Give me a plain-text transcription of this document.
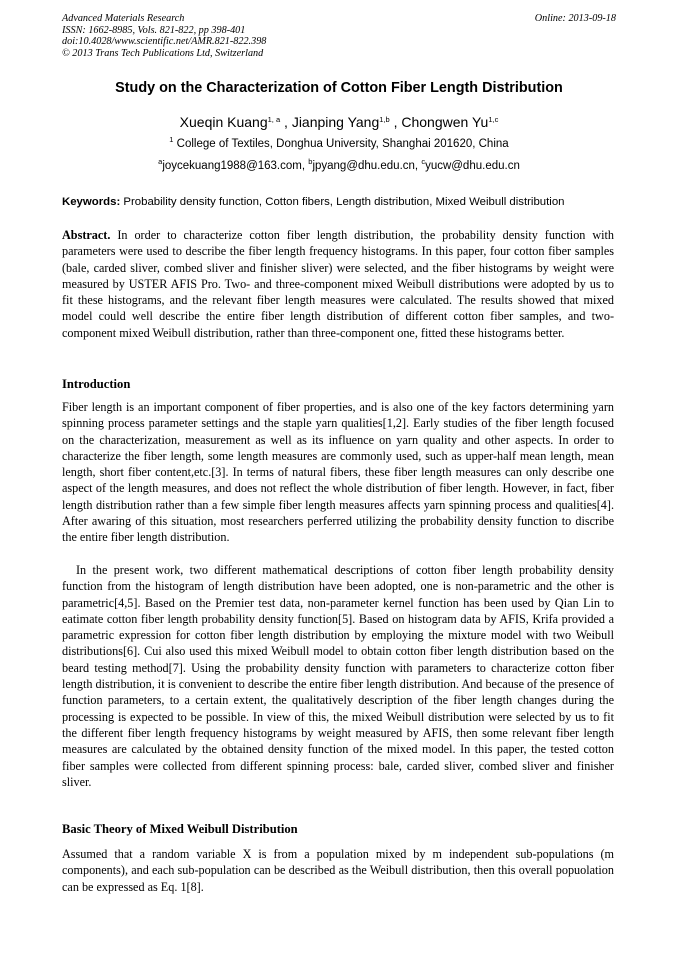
Advanced Materials Research
ISSN: 1662-8985, Vols. 821-822, pp 398-401
doi:10.4028/www.scientific.net/AMR.821-822.398
© 2013 Trans Tech Publications Ltd, Switzerland
Online: 2013-09-18
Study on the Characterization of Cotton Fiber Length Distribution
Xueqin Kuang$^{1, a}$ , Jianping Yang$^{1,b}$ , Chongwen Yu$^{1,c}$
$^1$ College of Textiles, Donghua University, Shanghai 201620, China
$^a$joycekuang1988@163.com, $^b$jpyang@dhu.edu.cn, $^c$yucw@dhu.edu.cn
Keywords: Probability density function, Cotton fibers, Length distribution, Mixed Weibull distribution

Abstract. In order to characterize cotton fiber length distribution, the probability density function with parameters were used to describe the fiber length frequency histograms. In this paper, four cotton fiber samples (bale, carded sliver, combed sliver and finisher sliver) were selected, and the fiber histograms by weight were measured by USTER AFIS Pro. Two- and three-component mixed Weibull distributions were adopted by us to fit these histograms, and the relevant fiber length measures were calculated. The results showed that mixed model could well describe the entire fiber length distribution of different cotton fiber samples, and two-component mixed Weibull distribution, rather than three-component one, fitted these histograms better.

Introduction

Fiber length is an important component of fiber properties, and is also one of the key factors determining yarn spinning process parameter settings and the staple yarn qualities[1,2]. Early studies of the fiber length focused on the characterization, measurement as well as its influence on yarn quality and other aspects. In order to characterize the fiber length, some length measures are commonly used, such as upper-half mean length, mean length, short fiber content,etc.[3]. In terms of natural fibers, these fiber length measures can only describe one aspect of the length measures, and does not reflect the whole distribution of fiber length. However, in fact, fiber length distribution rather than a few simple fiber length measures affects yarn spinning process and qualities[4]. After awaring of this situation, most researchers perferred utilizing the probability density function to discribe the entire fiber length distribution.

In the present work, two different mathematical descriptions of cotton fiber length probability density function from the histogram of length distribution have been adopted, one is non-parametric and the other is parametric[4,5]. Based on the Premier test data, non-parameter kernel function has been used by Qian Lin to eatimate cotton fiber length probability density function[5]. Based on histogram data by AFIS, Krifa provided a parametric expression for cotton fiber length distribution by employing the mixture model with two Weibull distributions[6]. Cui also used this mixed Weibull model to obtain cotton fiber length distribution based on the beard testing method[7]. Using the probability density function with parameters to characterize cotton fiber length distribution, it is convenient to describe the entire fiber length distribution. And because of the presence of function parameters, to a certain extent, the qualitatively description of the fiber length changes during the processing is expected to be possible. In view of this, the mixed Weibull distribution were selected by us to fit the different fiber length frequency histograms by weight measured by AFIS, then some relevant fiber length measures are calculated by the obtained density function of the mixed model. In this paper, the tested cotton fiber samples were collected from different spinning process: bale, carded sliver, combed sliver and finisher sliver.

Basic Theory of Mixed Weibull Distribution

Assumed that a random variable X is from a population mixed by m independent sub-populations (m components), and each sub-population can be described as the Weibull distribution, then this overall popuolation can be expressed as Eq. 1[8].
